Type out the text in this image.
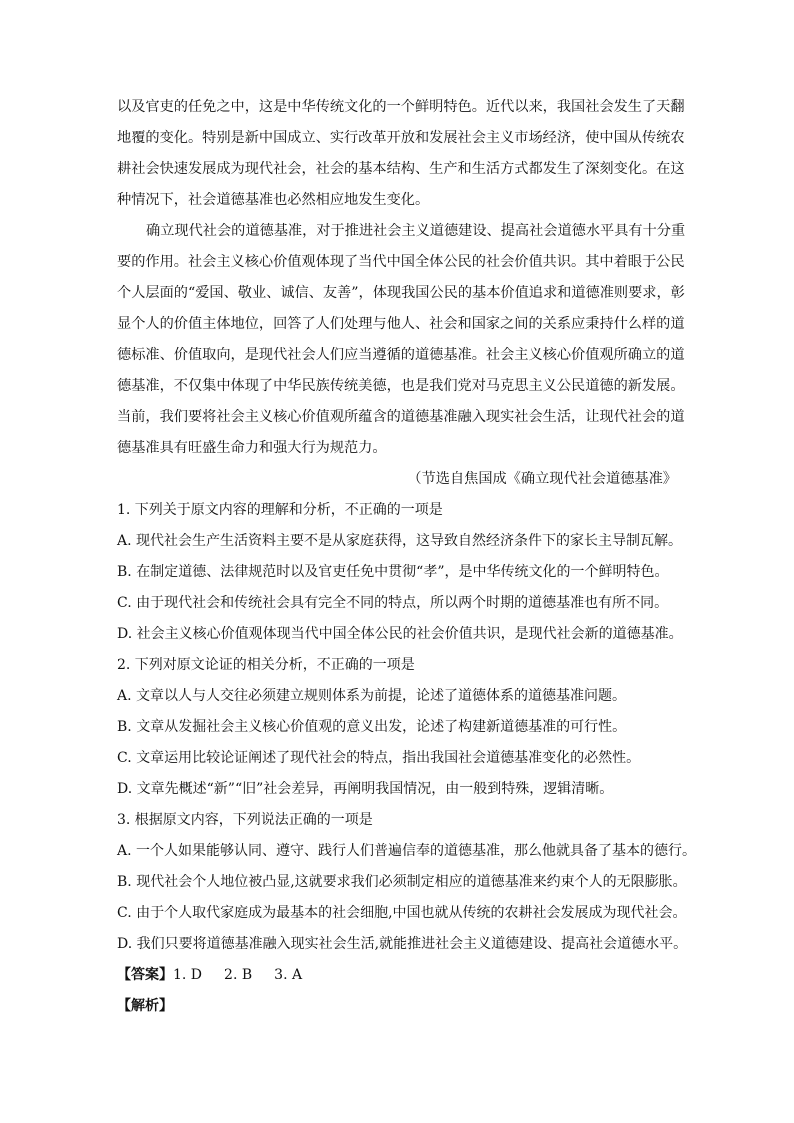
以及官吏的任免之中，这是中华传统文化的一个鲜明特色。近代以来，我国社会发生了天翻
地覆的变化。特别是新中国成立、实行改革开放和发展社会主义市场经济，使中国从传统农
耕社会快速发展成为现代社会，社会的基本结构、生产和生活方式都发生了深刻变化。在这
种情况下，社会道德基准也必然相应地发生变化。
确立现代社会的道德基准，对于推进社会主义道德建设、提高社会道德水平具有十分重
要的作用。社会主义核心价值观体现了当代中国全体公民的社会价值共识。其中着眼于公民
个人层面的“爱国、敬业、诚信、友善”，体现我国公民的基本价值追求和道德准则要求，彰
显个人的价值主体地位，回答了人们处理与他人、社会和国家之间的关系应秉持什么样的道
德标准、价值取向，是现代社会人们应当遵循的道德基准。社会主义核心价值观所确立的道
德基准，不仅集中体现了中华民族传统美德，也是我们党对马克思主义公民道德的新发展。
当前，我们要将社会主义核心价值观所蕴含的道德基准融入现实社会生活，让现代社会的道
德基准具有旺盛生命力和强大行为规范力。
（节选自焦国成《确立现代社会道德基准》
1. 下列关于原文内容的理解和分析，不正确的一项是
A. 现代社会生产生活资料主要不是从家庭获得，这导致自然经济条件下的家长主导制瓦解。
B. 在制定道德、法律规范时以及官吏任免中贯彻“孝”，是中华传统文化的一个鲜明特色。
C. 由于现代社会和传统社会具有完全不同的特点，所以两个时期的道德基准也有所不同。
D. 社会主义核心价值观体现当代中国全体公民的社会价值共识，是现代社会新的道德基准。
2. 下列对原文论证的相关分析，不正确的一项是
A. 文章以人与人交往必须建立规则体系为前提，论述了道德体系的道德基准问题。
B. 文章从发掘社会主义核心价值观的意义出发，论述了构建新道德基准的可行性。
C. 文章运用比较论证阐述了现代社会的特点，指出我国社会道德基准变化的必然性。
D. 文章先概述“新”“旧”社会差异，再阐明我国情况，由一般到特殊，逻辑清晰。
3. 根据原文内容，下列说法正确的一项是
A. 一个人如果能够认同、遵守、践行人们普遍信奉的道德基准，那么他就具备了基本的德行。
B. 现代社会个人地位被凸显,这就要求我们必须制定相应的道德基准来约束个人的无限膨胀。
C. 由于个人取代家庭成为最基本的社会细胞,中国也就从传统的农耕社会发展成为现代社会。
D. 我们只要将道德基准融入现实社会生活,就能推进社会主义道德建设、提高社会道德水平。
【答案】1. D 2. B 3. A
【解析】
